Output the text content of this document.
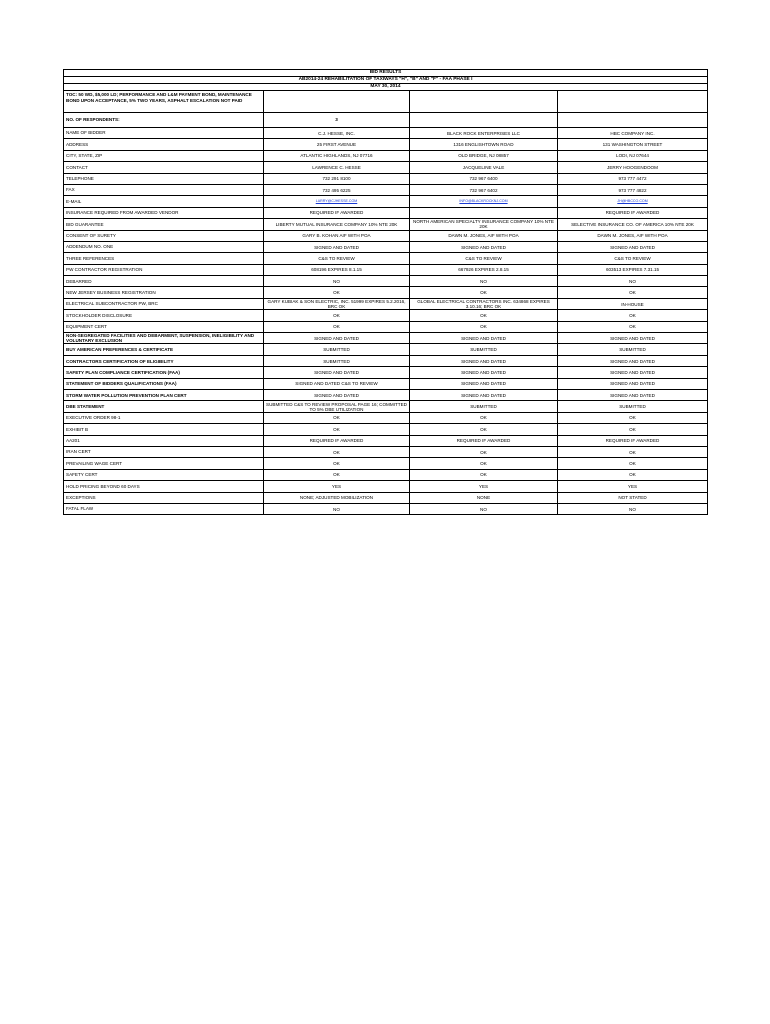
BID RESULTS			
AB2014-24 REHABILITATION OF TAXIWAYS "H", "B" AND "F" - FAA PHASE I			
MAY 30, 2014			
TOC: 50 WD, $5,000 LD; PERFORMANCE AND L&M PAYMENT BOND, MAINTENANCE BOND UPON ACCEPTANCE, 5% TWO YEARS, ASPHALT ESCALATION NOT PAID			
NO. OF RESPONDENTS:	3		
NAME OF BIDDER	C.J. HESSE, INC.	BLACK ROCK ENTERPRISES LLC	HBC COMPANY INC.
ADDRESS	25 FIRST AVENUE	1316 ENGLISHTOWN ROAD	131 WASHINGTON STREET
CITY, STATE, ZIP	ATLANTIC HIGHLANDS, NJ 07716	OLD BRIDGE, NJ 08857	LODI, NJ 07644
CONTACT	LAWRENCE C. HESSE	JACQUELINE VALE	JERRY HOOGENDOOM
TELEPHONE	732 291 8100	732 967 6400	973 777 4472
FAX	732 495 6225	732 967 6402	973 777 4822
E-MAIL	LARRY@CJHESSE.COM	INFO@BLACKROCKNJ.COM	JH@HBCCO.COM
INSURANCE REQUIRED FROM AWARDED VENDOR	REQUIRED IF AWARDED		REQUIRED IF AWARDED
BID GUARANTEE	LIBERTY MUTUAL INSURANCE COMPANY 10% NTE 20K	NORTH AMERICAN SPECIALTY INSURANCE COMPANY 10% NTE 20K	SELECTIVE INSURANCE CO. OF AMERICA 10% NTE 20K
CONSENT OF SURETY	GARY B. KOHAN AIF WITH POA	DAWN M. JONES, AIF WITH POA	DAWN M. JONES, AIF WITH POA
ADDENDUM NO. ONE	SIGNED AND DATED	SIGNED AND DATED	SIGNED AND DATED
THREE REFERENCES	C&S TO REVIEW	C&S TO REVIEW	C&S TO REVIEW
PW CONTRACTOR REGISTRATION	608196 EXPIRES 8.1.15	667926 EXPIRES 2.8.15	603513 EXPIRES 7.31.15
DEBARRED	NO	NO	NO
NEW JERSEY BUSINESS REGISTRATION	OK	OK	OK
ELECTRICAL SUBCONTRACTOR PW, BRC	GARY KUBIAK & SON ELECTRIC, INC. 51999 EXPIRES 5.2.2016, BRC OK	GLOBAL ELECTRICAL CONTRACTORS INC. 634868 EXPIRES 3.10.16; BRC OK	IN-HOUSE
STOCKHOLDER DISCLOSURE	OK	OK	OK
EQUIPMENT CERT	OK	OK	OK
NON-SEGREGATED FACILITIES AND DEBARMENT, SUSPENSION, INELIGIBILITY AND VOLUNTARY EXCLUSION	SIGNED AND DATED	SIGNED AND DATED	SIGNED AND DATED
BUY AMERICAN PREFERENCES & CERTIFICATE	SUBMITTED	SUBMITTED	SUBMITTED
CONTRACTORS CERTIFICATION OF ELIGIBILITY	SUBMITTED	SIGNED AND DATED	SIGNED AND DATED
SAFETY PLAN COMPLIANCE CERTIFICATION (FAA)	SIGNED AND DATED	SIGNED AND DATED	SIGNED AND DATED
STATEMENT OF BIDDERS QUALIFICATIONS (FAA)	SIGNED AND DATED C&S TO REVIEW	SIGNED AND DATED	SIGNED AND DATED
STORM WATER POLLUTION PREVENTION PLAN CERT	SIGNED AND DATED	SIGNED AND DATED	SIGNED AND DATED
DBE STATEMENT	SUBMITTED C&S TO REVIEW PROPOSAL PAGE 16; COMMITTED TO 5% DBE UTILIZATION	SUBMITTED	SUBMITTED
EXECUTIVE ORDER 98-1	OK	OK	OK
EXHIBIT B	OK	OK	OK
AA201	REQUIRED IF AWARDED	REQUIRED IF AWARDED	REQUIRED IF AWARDED
IRAN CERT	OK	OK	OK
PREVAILING WAGE CERT	OK	OK	OK
SAFETY CERT	OK	OK	OK
HOLD PRICING BEYOND 60 DAYS	YES	YES	YES
EXCEPTIONS	NONE; ADJUSTED MOBILIZATION	NONE	NOT STATED
FATAL FLAW	NO	NO	NO
